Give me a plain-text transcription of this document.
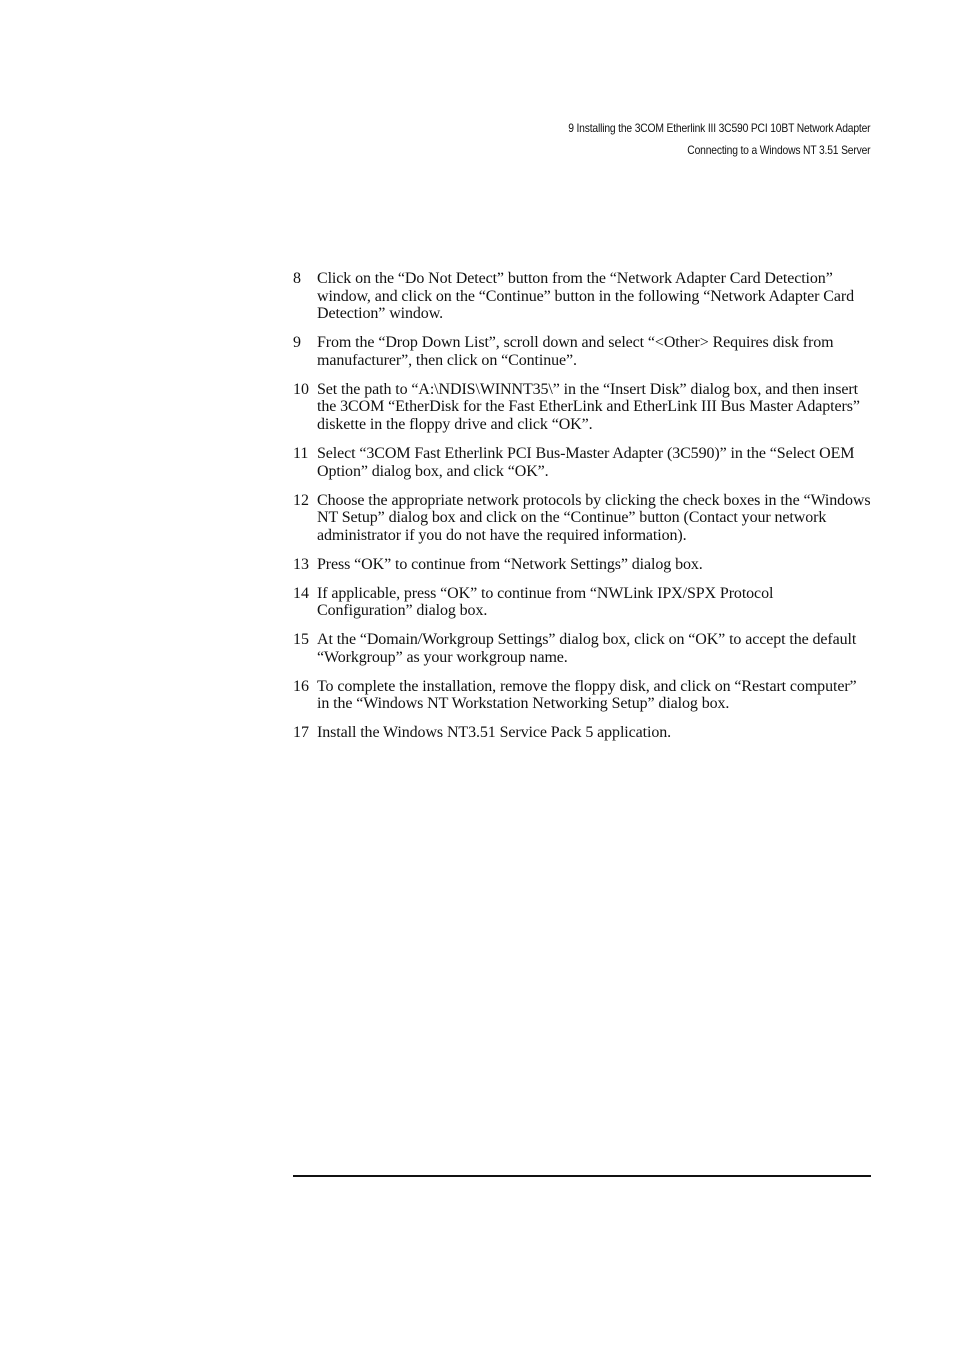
9 Installing the 3COM Etherlink III 3C590 PCI 10BT Network Adapter
Connecting to a Windows NT 3.51 Server
8	Click on the “Do Not Detect” button from the “Network Adapter Card Detection” window, and click on the “Continue” button in the following “Network Adapter Card Detection” window.
9	From the “Drop Down List”, scroll down and select “<Other> Requires disk from manufacturer”, then click on “Continue”.
10 Set the path to “A:\NDIS\WINNT35\” in the “Insert Disk” dialog box, and then insert the 3COM “EtherDisk for the Fast EtherLink and EtherLink III Bus Master Adapters” diskette in the floppy drive and click “OK”.
11 Select “3COM Fast Etherlink PCI Bus-Master Adapter (3C590)” in the “Select OEM Option” dialog box, and click “OK”.
12 Choose the appropriate network protocols by clicking the check boxes in the “Windows NT Setup” dialog box and click on the “Continue” button (Contact your network administrator if you do not have the required information).
13 Press “OK” to continue from “Network Settings” dialog box.
14 If applicable, press “OK” to continue from “NWLink IPX/SPX Protocol Configuration” dialog box.
15 At the “Domain/Workgroup Settings” dialog box, click on “OK” to accept the default “Workgroup” as your workgroup name.
16 To complete the installation, remove the floppy disk, and click on “Restart computer” in the “Windows NT Workstation Networking Setup” dialog box.
17 Install the Windows NT3.51 Service Pack 5 application.
